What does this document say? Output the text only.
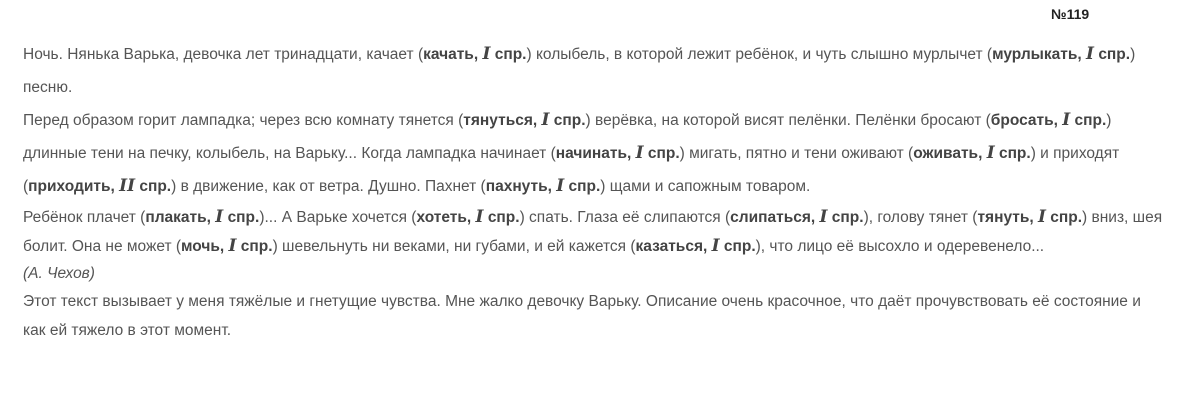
№119

Ночь. Нянька Варька, девочка лет тринадцати, качает (качать, I спр.) колыбель, в которой лежит ребёнок, и чуть слышно мурлычет (мурлыкать, I спр.) песню.

Перед образом горит лампадка; через всю комнату тянется (тянуться, I спр.) верёвка, на которой висят пелёнки. Пелёнки бросают (бросать, I спр.) длинные тени на печку, колыбель, на Варьку... Когда лампадка начинает (начинать, I спр.) мигать, пятно и тени оживают (оживать, I спр.) и приходят (приходить, II спр.) в движение, как от ветра. Душно. Пахнет (пахнуть, I спр.) щами и сапожным товаром.

Ребёнок плачет (плакать, I спр.)... А Варьке хочется (хотеть, I спр.) спать. Глаза её слипаются (слипаться, I спр.), голову тянет (тянуть, I спр.) вниз, шея болит. Она не может (мочь, I спр.) шевельнуть ни веками, ни губами, и ей кажется (казаться, I спр.), что лицо её высохло и одеревенело...

(А. Чехов)

Этот текст вызывает у меня тяжёлые и гнетущие чувства. Мне жалко девочку Варьку. Описание очень красочное, что даёт прочувствовать её состояние и как ей тяжело в этот момент.
